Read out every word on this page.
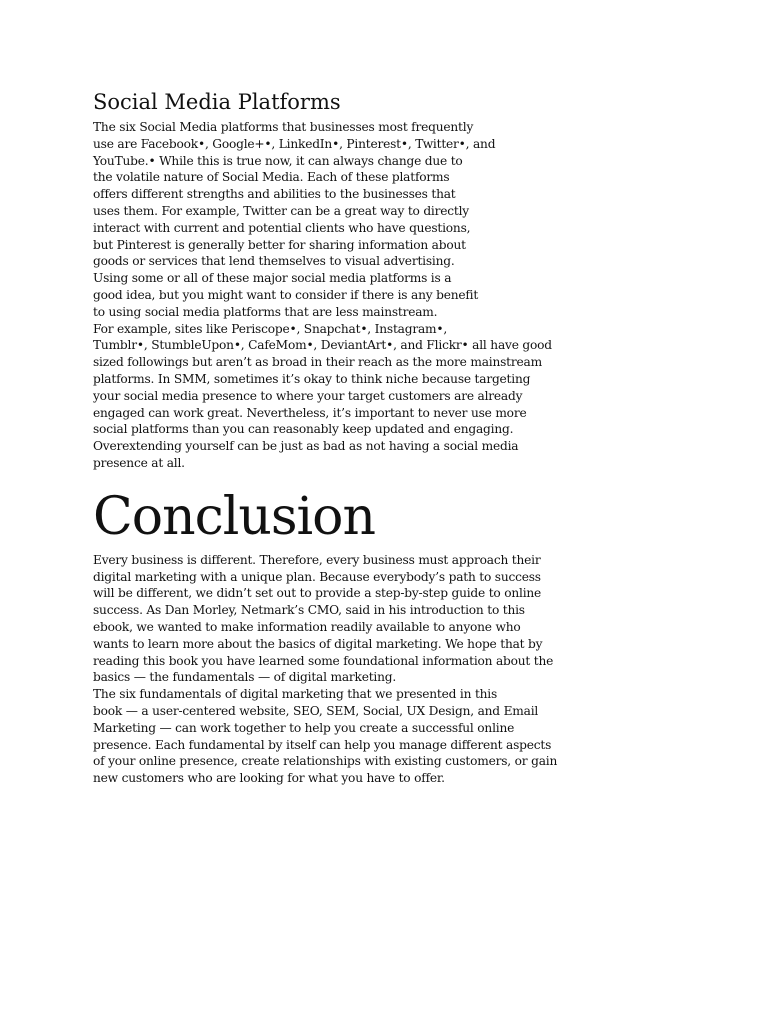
Social Media Platforms
The six Social Media platforms that businesses most frequently
use are Facebook•, Google+•, LinkedIn•, Pinterest•, Twitter•, and
YouTube.• While this is true now, it can always change due to
the volatile nature of Social Media. Each of these platforms
offers different strengths and abilities to the businesses that
uses them. For example, Twitter can be a great way to directly
interact with current and potential clients who have questions,
but Pinterest is generally better for sharing information about
goods or services that lend themselves to visual advertising.
Using some or all of these major social media platforms is a
good idea, but you might want to consider if there is any benefit
to using social media platforms that are less mainstream.
For example, sites like Periscope•, Snapchat•, Instagram•,
Tumblr•, StumbleUpon•, CafeMom•, DeviantArt•, and Flickr• all have good
sized followings but aren’t as broad in their reach as the more mainstream
platforms. In SMM, sometimes it’s okay to think niche because targeting
your social media presence to where your target customers are already
engaged can work great. Nevertheless, it’s important to never use more
social platforms than you can reasonably keep updated and engaging.
Overextending yourself can be just as bad as not having a social media
presence at all.
Conclusion
Every business is different. Therefore, every business must approach their
digital marketing with a unique plan. Because everybody’s path to success
will be different, we didn’t set out to provide a step-by-step guide to online
success. As Dan Morley, Netmark’s CMO, said in his introduction to this
ebook, we wanted to make information readily available to anyone who
wants to learn more about the basics of digital marketing. We hope that by
reading this book you have learned some foundational information about the
basics — the fundamentals — of digital marketing.
The six fundamentals of digital marketing that we presented in this
book — a user-centered website, SEO, SEM, Social, UX Design, and Email
Marketing — can work together to help you create a successful online
presence. Each fundamental by itself can help you manage different aspects
of your online presence, create relationships with existing customers, or gain
new customers who are looking for what you have to offer.
